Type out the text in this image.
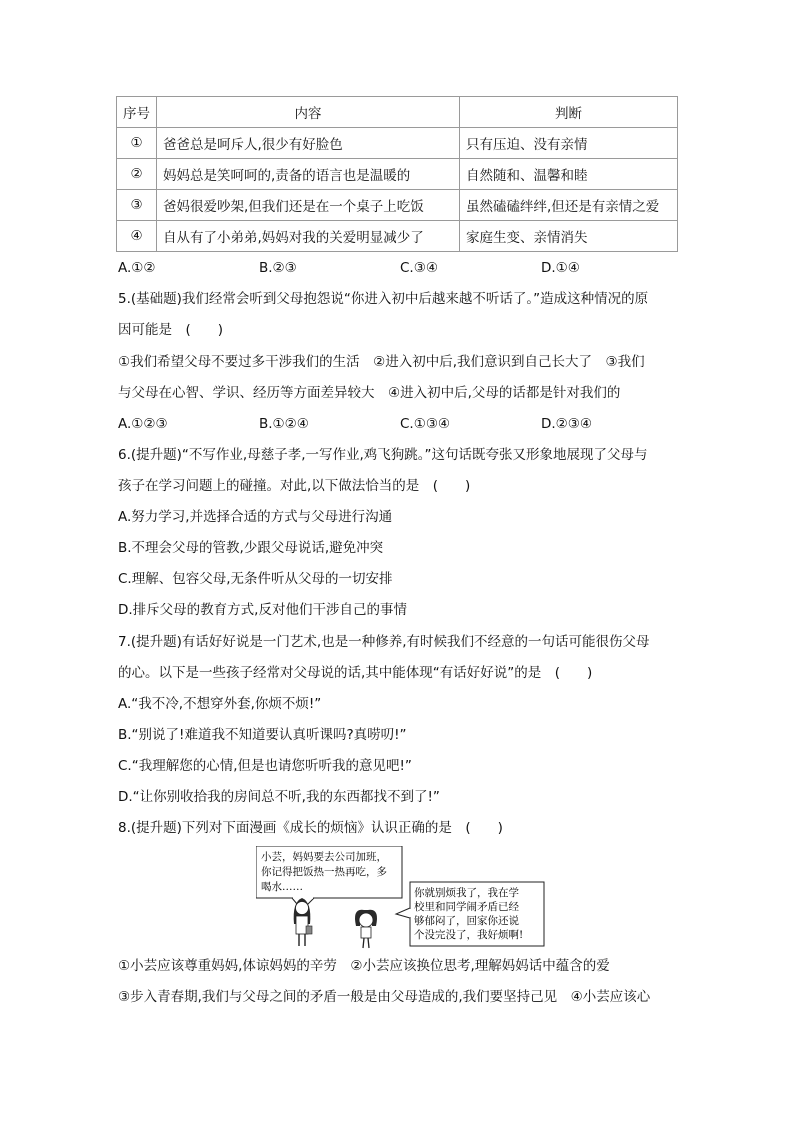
序号	内容	判断
①	爸爸总是呵斥人,很少有好脸色	只有压迫、没有亲情
②	妈妈总是笑呵呵的,责备的语言也是温暖的	自然随和、温馨和睦
③	爸妈很爱吵架,但我们还是在一个桌子上吃饭	虽然磕磕绊绊,但还是有亲情之爱
④	自从有了小弟弟,妈妈对我的关爱明显减少了	家庭生变、亲情消失
A.①②	B.②③	C.③④	D.①④
5.(基础题)我们经常会听到父母抱怨说“你进入初中后越来越不听话了。”造成这种情况的原
因可能是　(　　)
①我们希望父母不要过多干涉我们的生活　②进入初中后,我们意识到自己长大了　③我们
与父母在心智、学识、经历等方面差异较大　④进入初中后,父母的话都是针对我们的
A.①②③	B.①②④	C.①③④	D.②③④
6.(提升题)“不写作业,母慈子孝,一写作业,鸡飞狗跳。”这句话既夸张又形象地展现了父母与
孩子在学习问题上的碰撞。对此,以下做法恰当的是　(　　)
A.努力学习,并选择合适的方式与父母进行沟通
B.不理会父母的管教,少跟父母说话,避免冲突
C.理解、包容父母,无条件听从父母的一切安排
D.排斥父母的教育方式,反对他们干涉自己的事情
7.(提升题)有话好好说是一门艺术,也是一种修养,有时候我们不经意的一句话可能很伤父母
的心。以下是一些孩子经常对父母说的话,其中能体现“有话好好说”的是　(　　)
A.“我不冷,不想穿外套,你烦不烦!”
B.“别说了!难道我不知道要认真听课吗?真唠叨!”
C.“我理解您的心情,但是也请您听听我的意见吧!”
D.“让你别收拾我的房间总不听,我的东西都找不到了!”
8.(提升题)下列对下面漫画《成长的烦恼》认识正确的是　(　　)
小芸，妈妈要去公司加班，
你记得把饭热一热再吃，多
喝水……	你就别烦我了，我在学
校里和同学闹矛盾已经
够郁闷了，回家你还说
个没完没了，我好烦啊!
①小芸应该尊重妈妈,体谅妈妈的辛劳　②小芸应该换位思考,理解妈妈话中蕴含的爱
③步入青春期,我们与父母之间的矛盾一般是由父母造成的,我们要坚持己见　④小芸应该心
